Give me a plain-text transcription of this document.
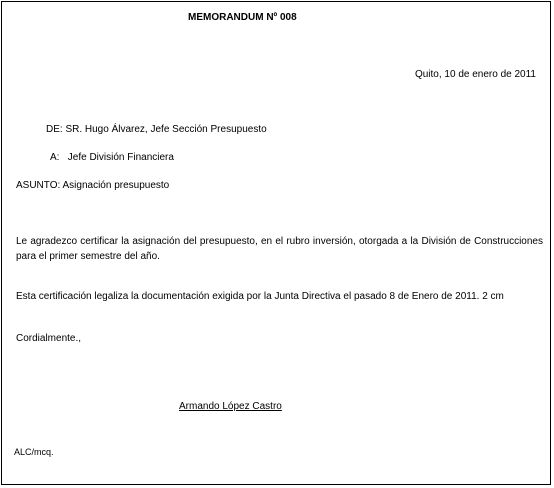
MEMORANDUM Nº 008
Quito, 10 de enero de 2011
DE: SR. Hugo Álvarez, Jefe Sección Presupuesto
A:   Jefe División Financiera
ASUNTO: Asignación presupuesto
Le agradezco certificar la asignación del presupuesto, en el rubro inversión, otorgada a la División de Construcciones para el primer semestre del año.
Esta certificación legaliza la documentación exigida por la Junta Directiva el pasado 8 de Enero de 2011. 2 cm
Cordialmente.,
Armando López Castro
ALC/mcq.
